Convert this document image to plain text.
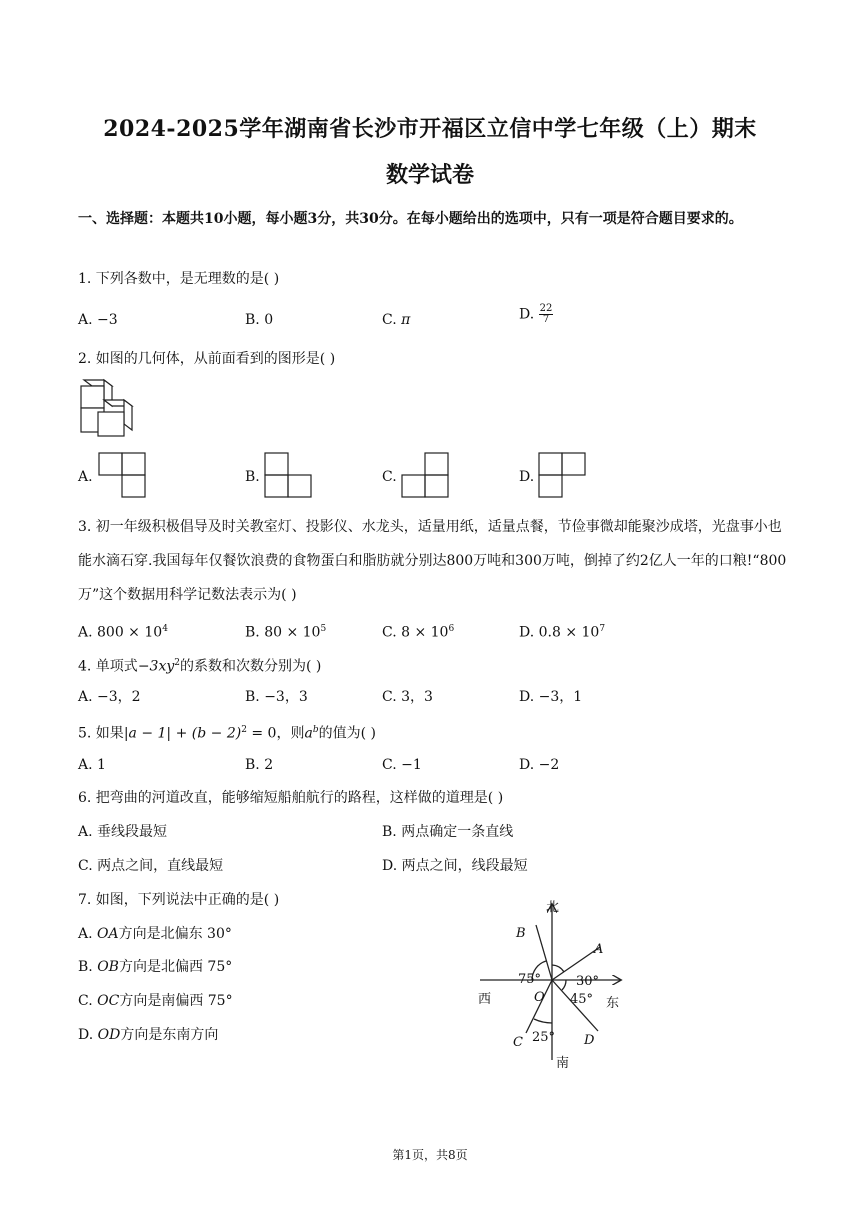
2024-2025学年湖南省长沙市开福区立信中学七年级（上）期末
数学试卷
一、选择题：本题共10小题，每小题3分，共30分。在每小题给出的选项中，只有一项是符合题目要求的。
1. 下列各数中，是无理数的是( )
A. −3	B. 0	C. π	D. $\frac{22}{7}$
2. 如图的几何体，从前面看到的图形是( )
A.	B.	C.	D.
3. 初一年级积极倡导及时关教室灯、投影仪、水龙头，适量用纸，适量点餐，节俭事微却能聚沙成塔，光盘事小也能水滴石穿.我国每年仅餐饮浪费的食物蛋白和脂肪就分别达800万吨和300万吨，倒掉了约2亿人一年的口粮!“800万”这个数据用科学记数法表示为( )
A. $800 \times 10^4$	B. $80 \times 10^5$	C. $8 \times 10^6$	D. $0.8 \times 10^7$
4. 单项式$-3xy^2$的系数和次数分别为( )
A. −3，2	B. −3，3	C. 3，3	D. −3，1
5. 如果$|a - 1| + (b - 2)^2 = 0$，则$a^b$的值为( )
A. 1	B. 2	C. −1	D. −2
6. 把弯曲的河道改直，能够缩短船舶航行的路程，这样做的道理是( )
A. 垂线段最短	B. 两点确定一条直线
C. 两点之间，直线最短	D. 两点之间，线段最短
7. 如图，下列说法中正确的是( )
A. OA方向是北偏东 30°
B. OB方向是北偏西 75°
C. OC方向是南偏西 75°
D. OD方向是东南方向
北
南
西	东
A
B
C	D
O
75°	30°
45°
25°
第1页，共8页
